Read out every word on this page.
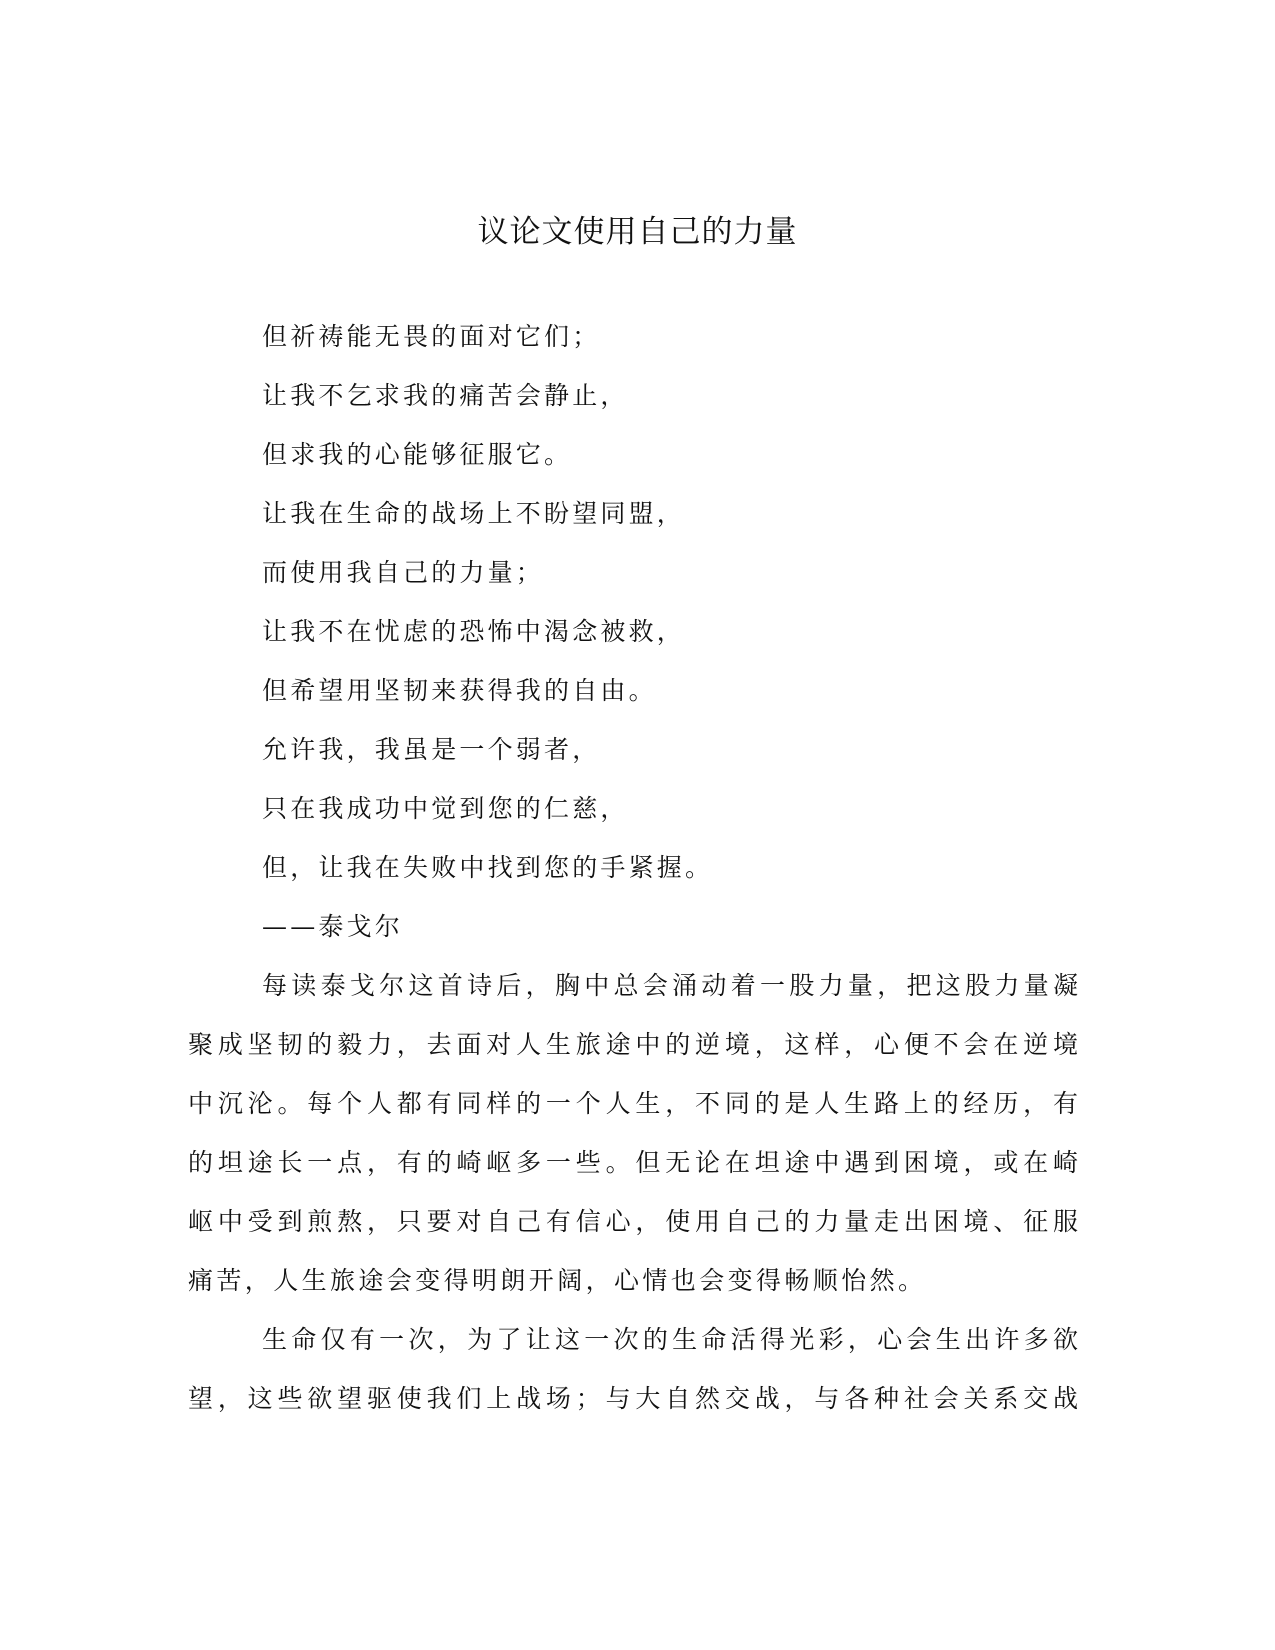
议论文使用自己的力量
但祈祷能无畏的面对它们；
让我不乞求我的痛苦会静止，
但求我的心能够征服它。
让我在生命的战场上不盼望同盟，
而使用我自己的力量；
让我不在忧虑的恐怖中渴念被救，
但希望用坚韧来获得我的自由。
允许我，我虽是一个弱者，
只在我成功中觉到您的仁慈，
但，让我在失败中找到您的手紧握。
——泰戈尔
每读泰戈尔这首诗后，胸中总会涌动着一股力量，把这股力量凝
聚成坚韧的毅力，去面对人生旅途中的逆境，这样，心便不会在逆境
中沉沦。每个人都有同样的一个人生，不同的是人生路上的经历，有
的坦途长一点，有的崎岖多一些。但无论在坦途中遇到困境，或在崎
岖中受到煎熬，只要对自己有信心，使用自己的力量走出困境、征服
痛苦，人生旅途会变得明朗开阔，心情也会变得畅顺怡然。
生命仅有一次，为了让这一次的生命活得光彩，心会生出许多欲
望，这些欲望驱使我们上战场；与大自然交战，与各种社会关系交战
